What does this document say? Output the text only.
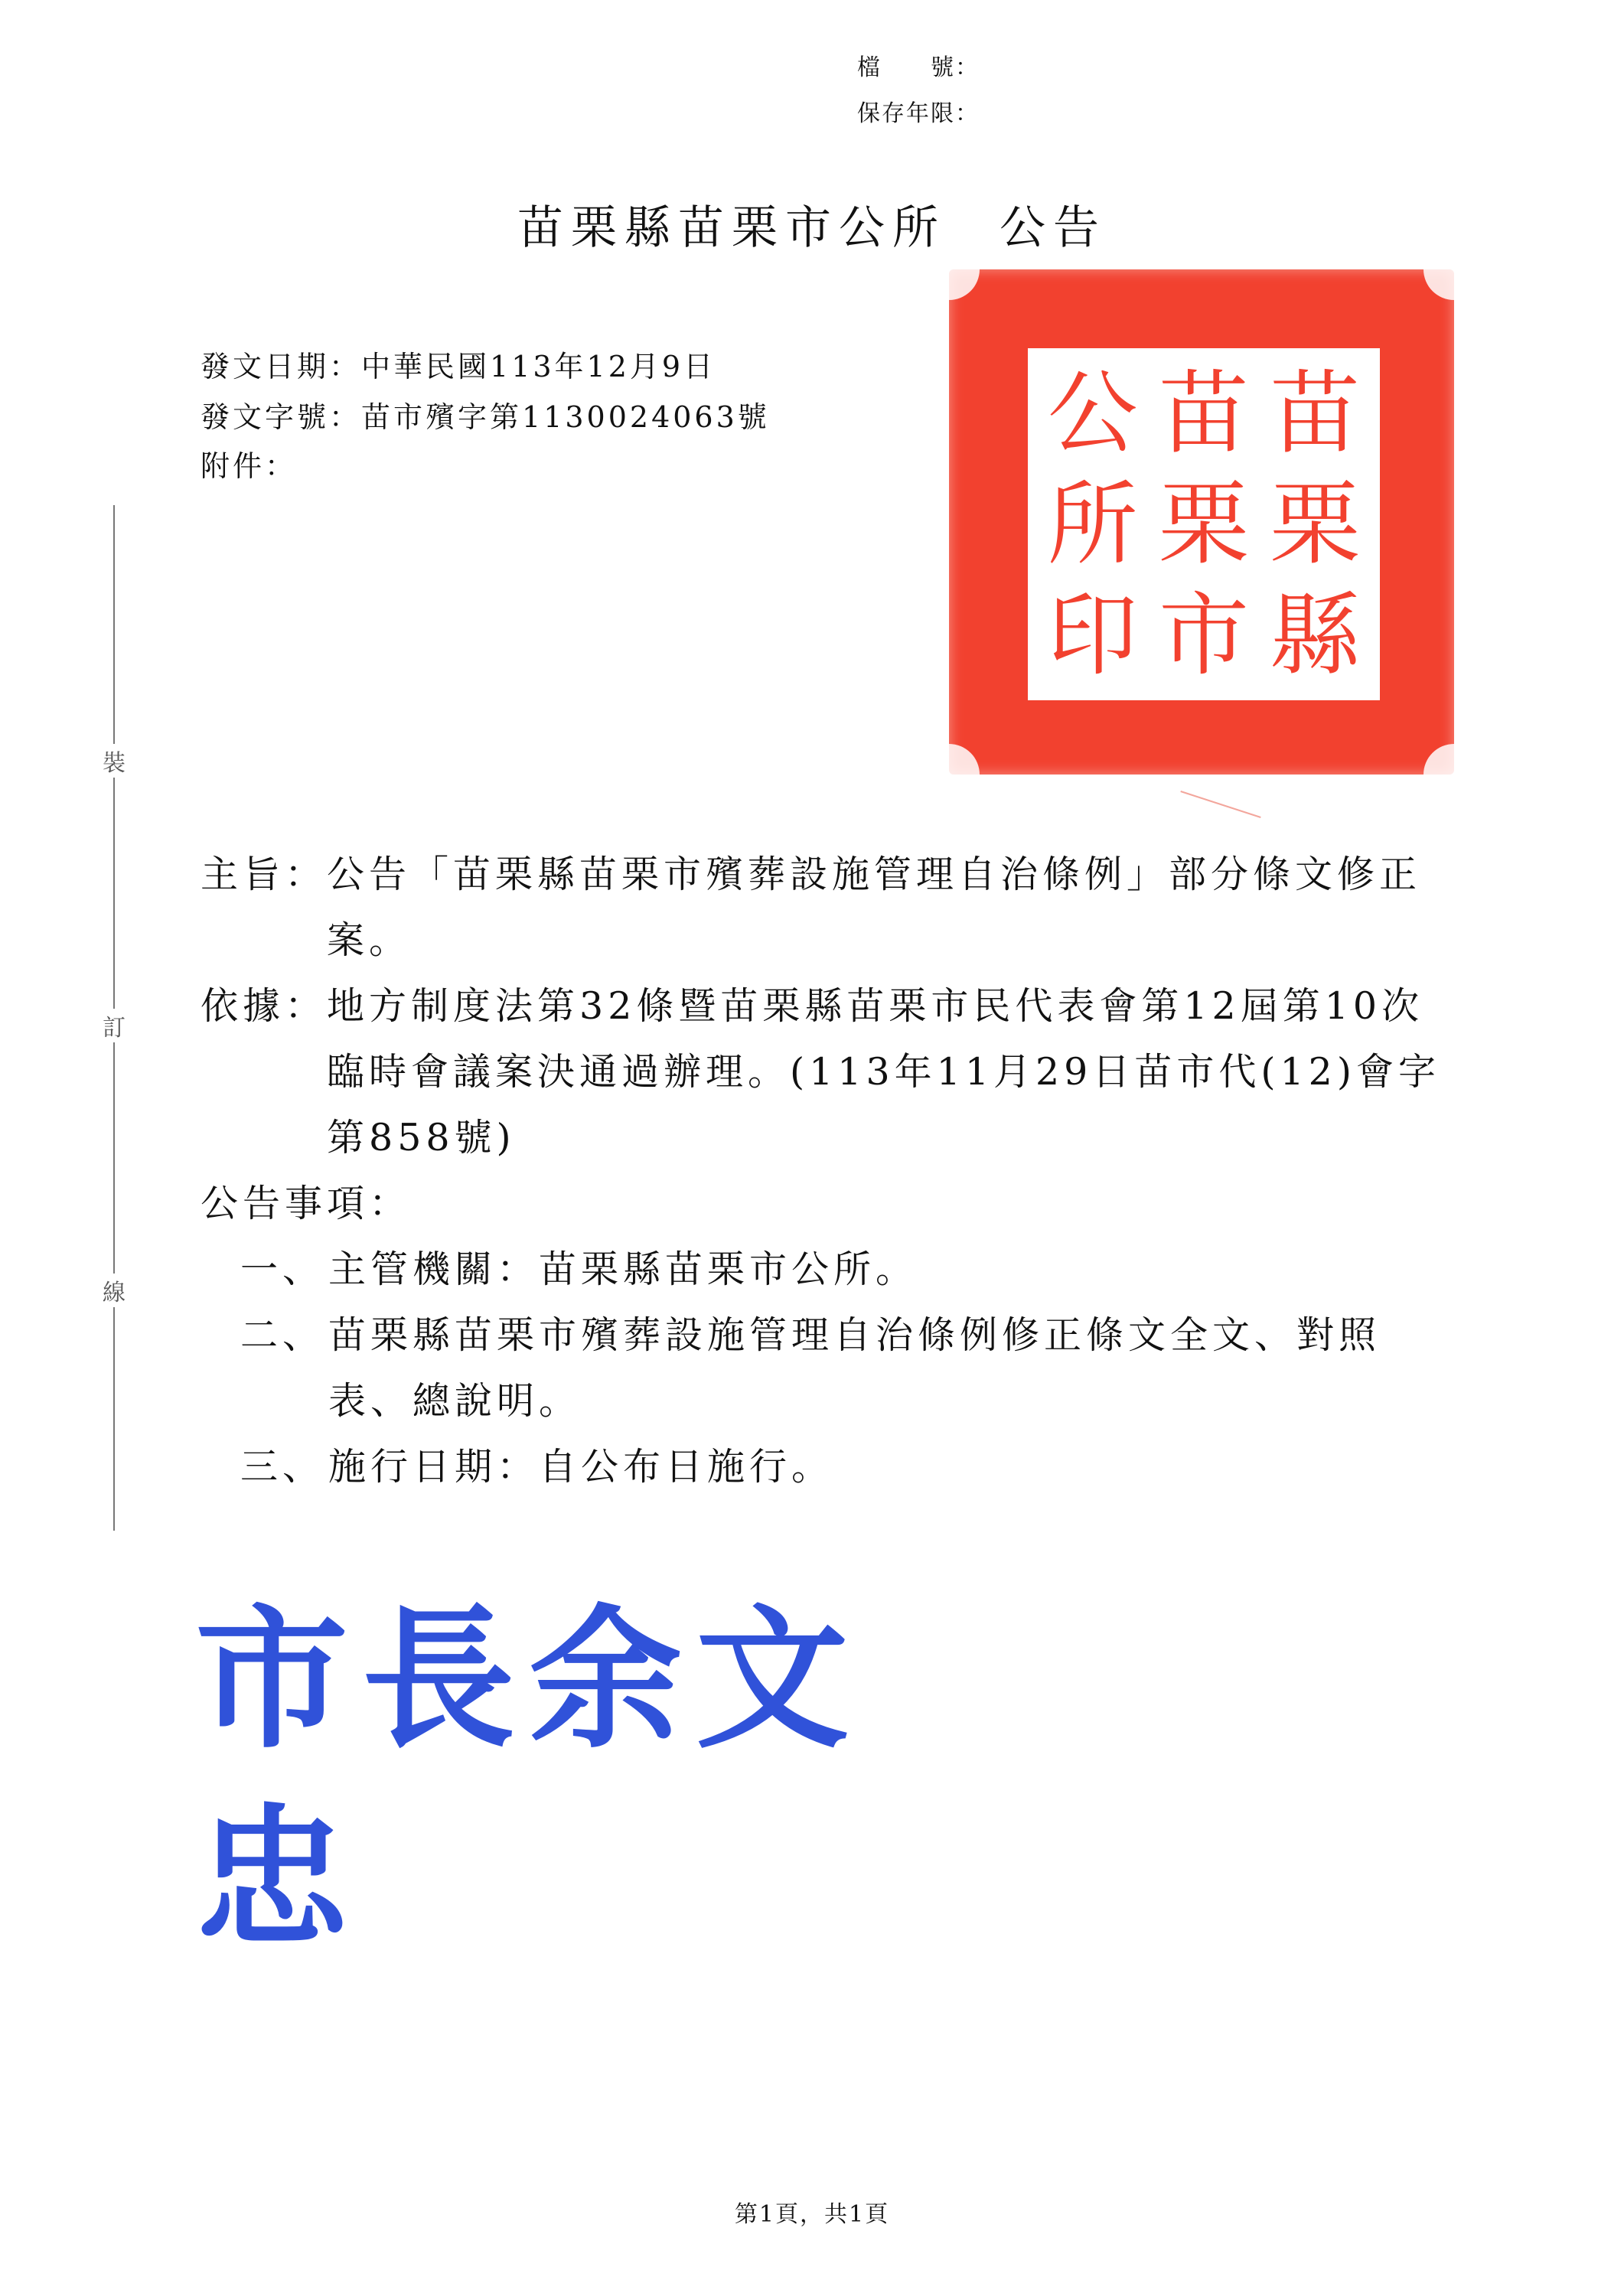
檔　　號：
保存年限：
苗栗縣苗栗市公所 公告
發文日期：中華民國113年12月9日
發文字號：苗市殯字第1130024063號
附件：
苗
栗
縣
苗
栗
市
公
所
印
裝
訂
線
主旨： 公告「苗栗縣苗栗市殯葬設施管理自治條例」部分條文修正案。
依據： 地方制度法第32條暨苗栗縣苗栗市民代表會第12屆第10次臨時會議案決通過辦理。(113年11月29日苗市代(12)會字第858號)
公告事項：
一、 主管機關：苗栗縣苗栗市公所。
二、 苗栗縣苗栗市殯葬設施管理自治條例修正條文全文、對照表、總說明。
三、 施行日期：自公布日施行。
市長余文忠
第1頁，共1頁
